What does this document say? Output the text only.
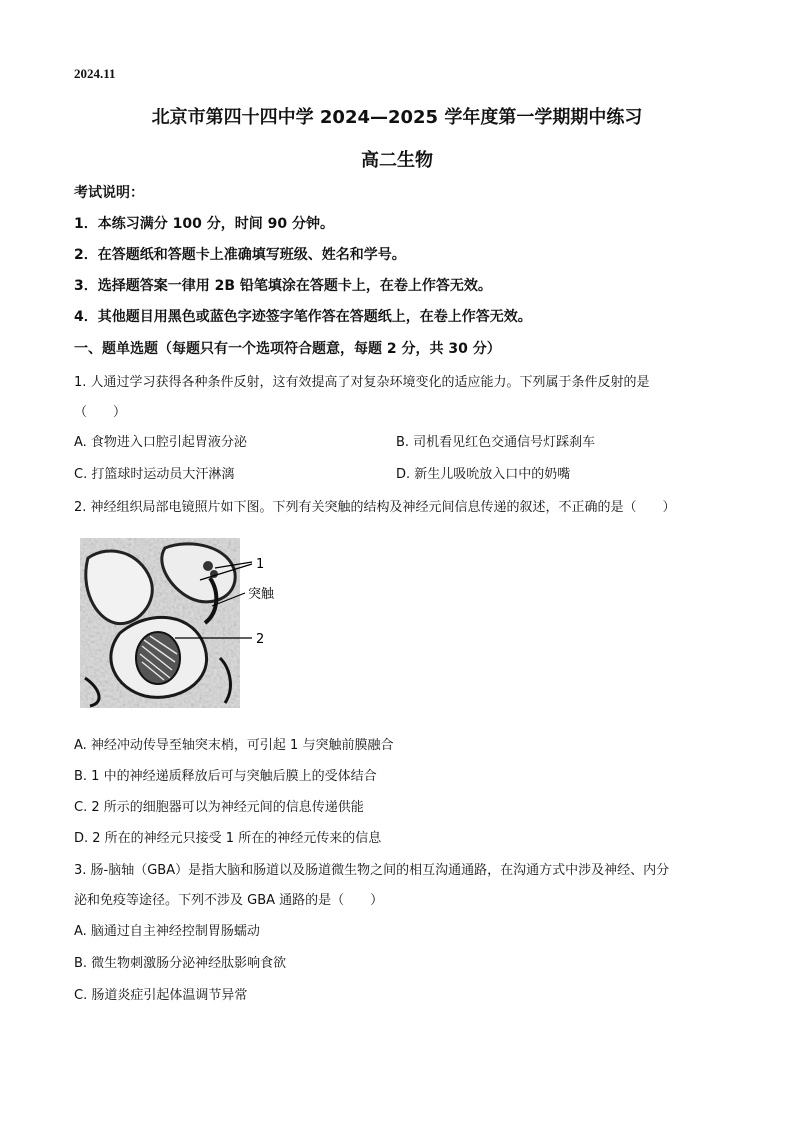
2024.11
北京市第四十四中学 2024—2025 学年度第一学期期中练习
高二生物
考试说明：
1．本练习满分 100 分，时间 90 分钟。
2．在答题纸和答题卡上准确填写班级、姓名和学号。
3．选择题答案一律用 2B 铅笔填涂在答题卡上，在卷上作答无效。
4．其他题目用黑色或蓝色字迹签字笔作答在答题纸上，在卷上作答无效。
一、题单选题（每题只有一个选项符合题意，每题 2 分，共 30 分）
1. 人通过学习获得各种条件反射，这有效提高了对复杂环境变化的适应能力。下列属于条件反射的是
（　　）
A. 食物进入口腔引起胃液分泌	B. 司机看见红色交通信号灯踩刹车
C. 打篮球时运动员大汗淋漓	D. 新生儿吸吮放入口中的奶嘴
2. 神经组织局部电镜照片如下图。下列有关突触的结构及神经元间信息传递的叙述，不正确的是（　　）
1
突触
2
A. 神经冲动传导至轴突末梢，可引起 1 与突触前膜融合
B. 1 中的神经递质释放后可与突触后膜上的受体结合
C. 2 所示的细胞器可以为神经元间的信息传递供能
D. 2 所在的神经元只接受 1 所在的神经元传来的信息
3. 肠-脑轴（GBA）是指大脑和肠道以及肠道微生物之间的相互沟通通路，在沟通方式中涉及神经、内分
泌和免疫等途径。下列不涉及 GBA 通路的是（　　）
A. 脑通过自主神经控制胃肠蠕动
B. 微生物刺激肠分泌神经肽影响食欲
C. 肠道炎症引起体温调节异常
